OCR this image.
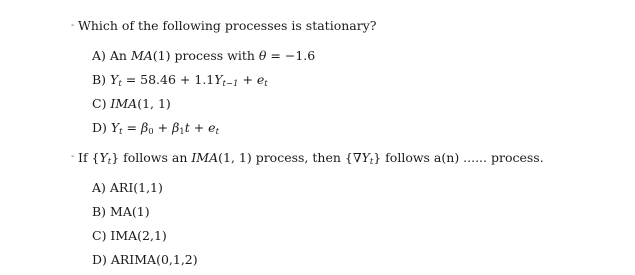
- Which of the following processes is stationary?
A) An MA(1) process with θ = −1.6
B) $Y_t = 58.46 + 1.1Y_{t-1} + e_t$
C) IMA(1, 1)
D) $Y_t = \beta_0 + \beta_1t + e_t$
- If $\{Y_t\}$ follows an IMA(1, 1) process, then $\{\nabla Y_t\}$ follows a(n) ...... process.
A) ARI(1,1)
B) MA(1)
C) IMA(2,1)
D) ARIMA(0,1,2)
